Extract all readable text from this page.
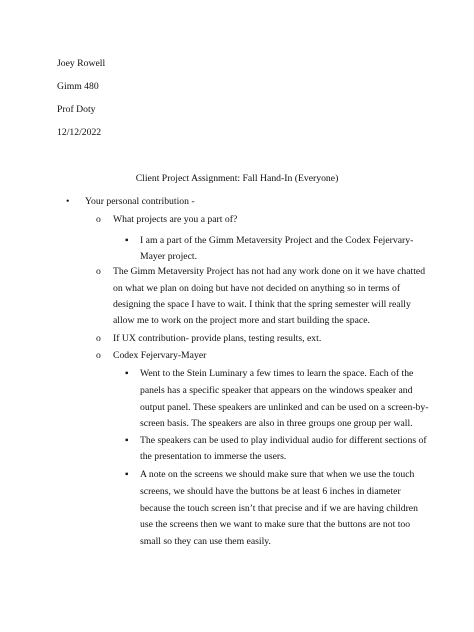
Joey Rowell
Gimm 480
Prof Doty
12/12/2022
Client Project Assignment: Fall Hand-In (Everyone)
• Your personal contribution -
o What projects are you a part of?
▪ I am a part of the Gimm Metaversity Project and the Codex Fejervary-
Mayer project.
o The Gimm Metaversity Project has not had any work done on it we have chatted
on what we plan on doing but have not decided on anything so in terms of
designing the space I have to wait. I think that the spring semester will really
allow me to work on the project more and start building the space.
o If UX contribution- provide plans, testing results, ext.
o Codex Fejervary-Mayer
▪ Went to the Stein Luminary a few times to learn the space. Each of the
panels has a specific speaker that appears on the windows speaker and
output panel. These speakers are unlinked and can be used on a screen-by-
screen basis. The speakers are also in three groups one group per wall.
▪ The speakers can be used to play individual audio for different sections of
the presentation to immerse the users.
▪ A note on the screens we should make sure that when we use the touch
screens, we should have the buttons be at least 6 inches in diameter
because the touch screen isn’t that precise and if we are having children
use the screens then we want to make sure that the buttons are not too
small so they can use them easily.
